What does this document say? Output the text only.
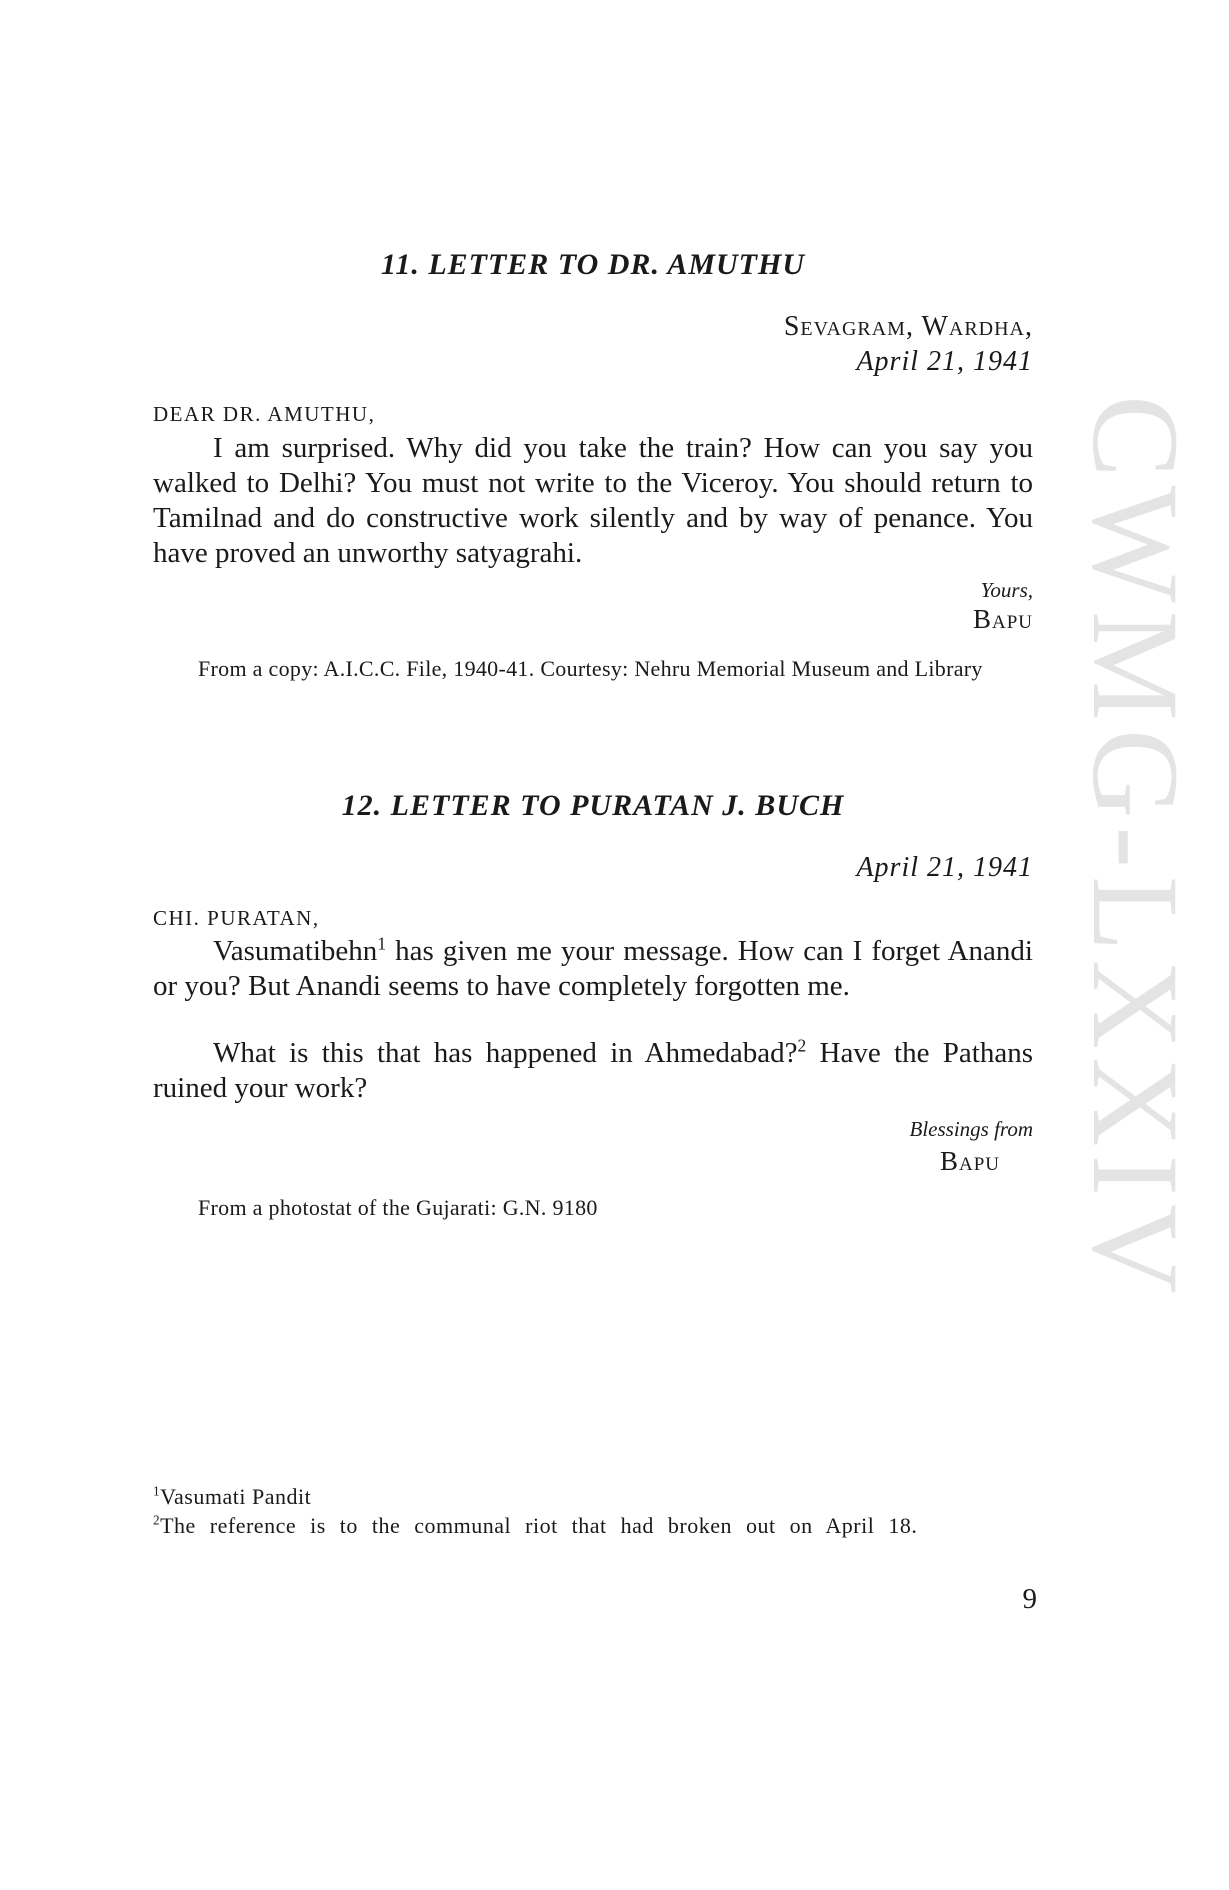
CWMG-LXXIV
11. LETTER TO DR. AMUTHU
Sevagram, Wardha,
April 21, 1941
DEAR DR. AMUTHU,

I am surprised. Why did you take the train? How can you say you walked to Delhi? You must not write to the Viceroy. You should return to Tamilnad and do constructive work silently and by way of penance. You have proved an unworthy satyagrahi.

Yours,
Bapu

From a copy: A.I.C.C. File, 1940-41. Courtesy: Nehru Memorial Museum and Library

12. LETTER TO PURATAN J. BUCH
April 21, 1941
CHI. PURATAN,

Vasumatibehn$^1$ has given me your message. How can I forget Anandi or you? But Anandi seems to have completely forgotten me.

What is this that has happened in Ahmedabad?$^2$ Have the Pathans ruined your work?

Blessings from
Bapu

From a photostat of the Gujarati: G.N. 9180

$^1$Vasumati Pandit
$^2$The reference is to the communal riot that had broken out on April 18.
9
